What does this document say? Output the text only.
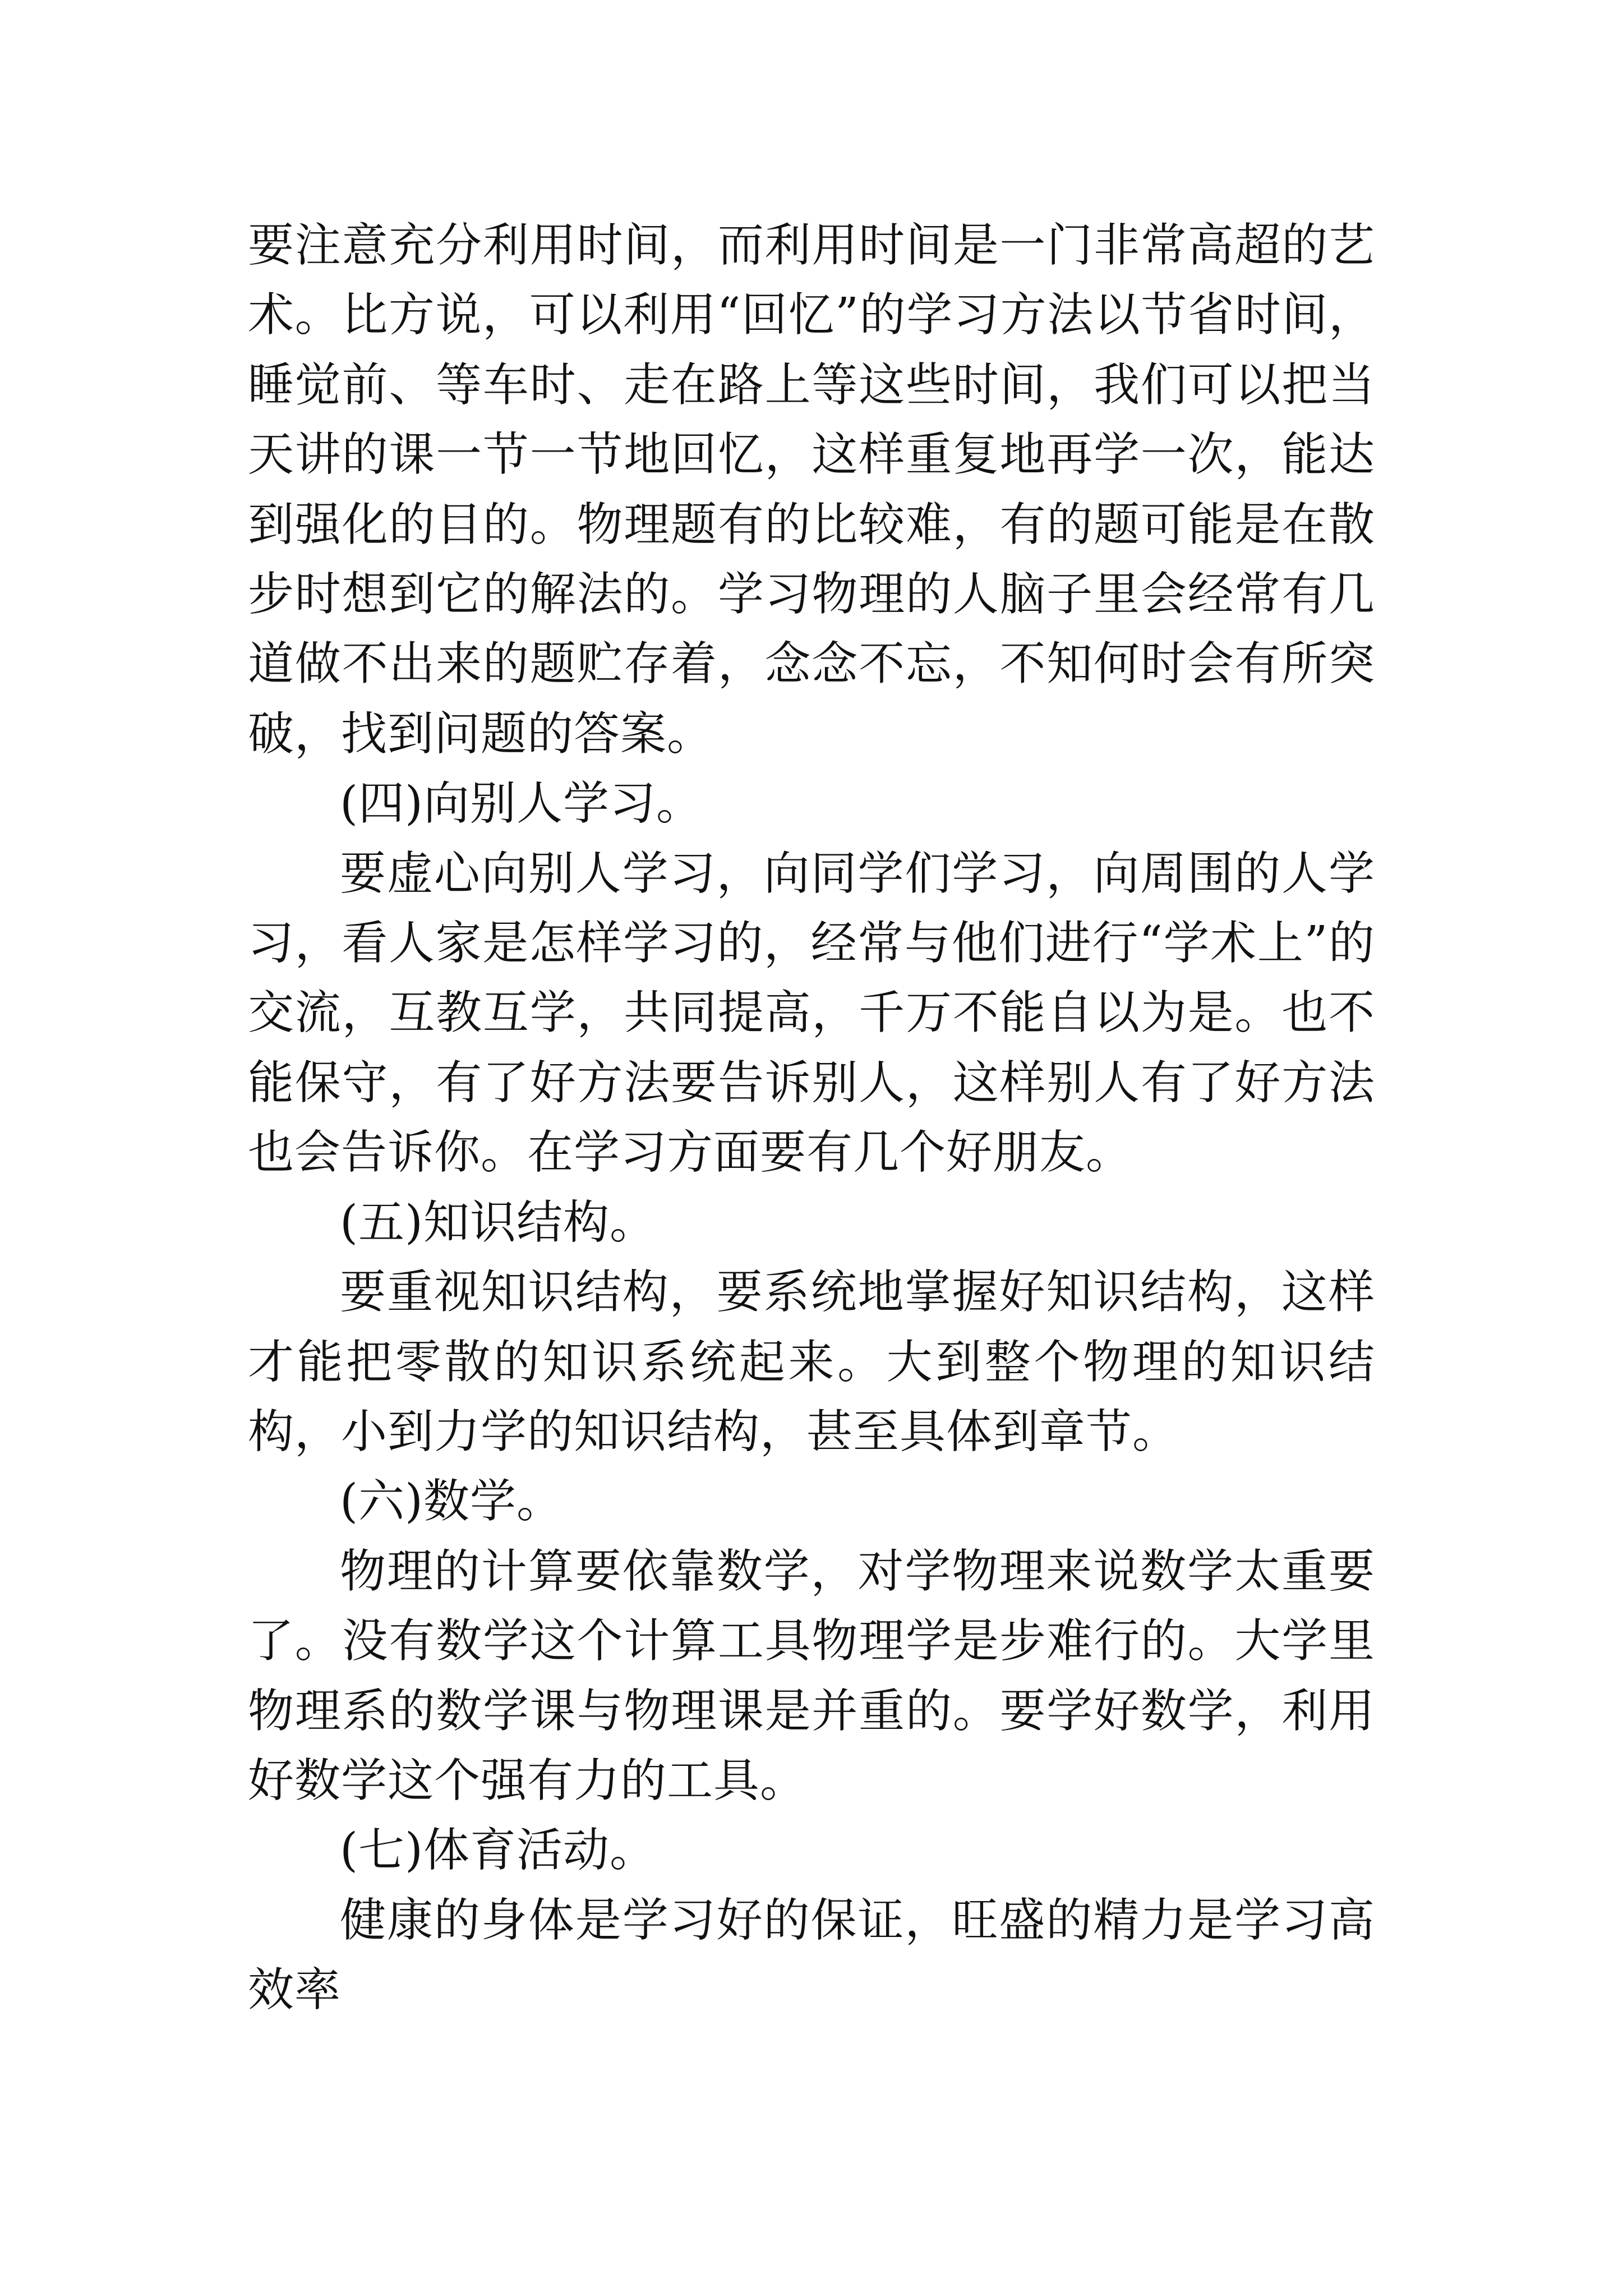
要注意充分利用时间，而利用时间是一门非常高超的艺术。比方说，可以利用“回忆”的学习方法以节省时间，睡觉前、等车时、走在路上等这些时间，我们可以把当天讲的课一节一节地回忆，这样重复地再学一次，能达到强化的目的。物理题有的比较难，有的题可能是在散步时想到它的解法的。学习物理的人脑子里会经常有几道做不出来的题贮存着，念念不忘，不知何时会有所突破，找到问题的答案。

(四)向别人学习。

要虚心向别人学习，向同学们学习，向周围的人学习，看人家是怎样学习的，经常与他们进行“学术上”的交流，互教互学，共同提高，千万不能自以为是。也不能保守，有了好方法要告诉别人，这样别人有了好方法也会告诉你。在学习方面要有几个好朋友。

(五)知识结构。

要重视知识结构，要系统地掌握好知识结构，这样才能把零散的知识系统起来。大到整个物理的知识结构，小到力学的知识结构，甚至具体到章节。

(六)数学。

物理的计算要依靠数学，对学物理来说数学太重要了。没有数学这个计算工具物理学是步难行的。大学里物理系的数学课与物理课是并重的。要学好数学，利用好数学这个强有力的工具。

(七)体育活动。

健康的身体是学习好的保证，旺盛的精力是学习高效率
